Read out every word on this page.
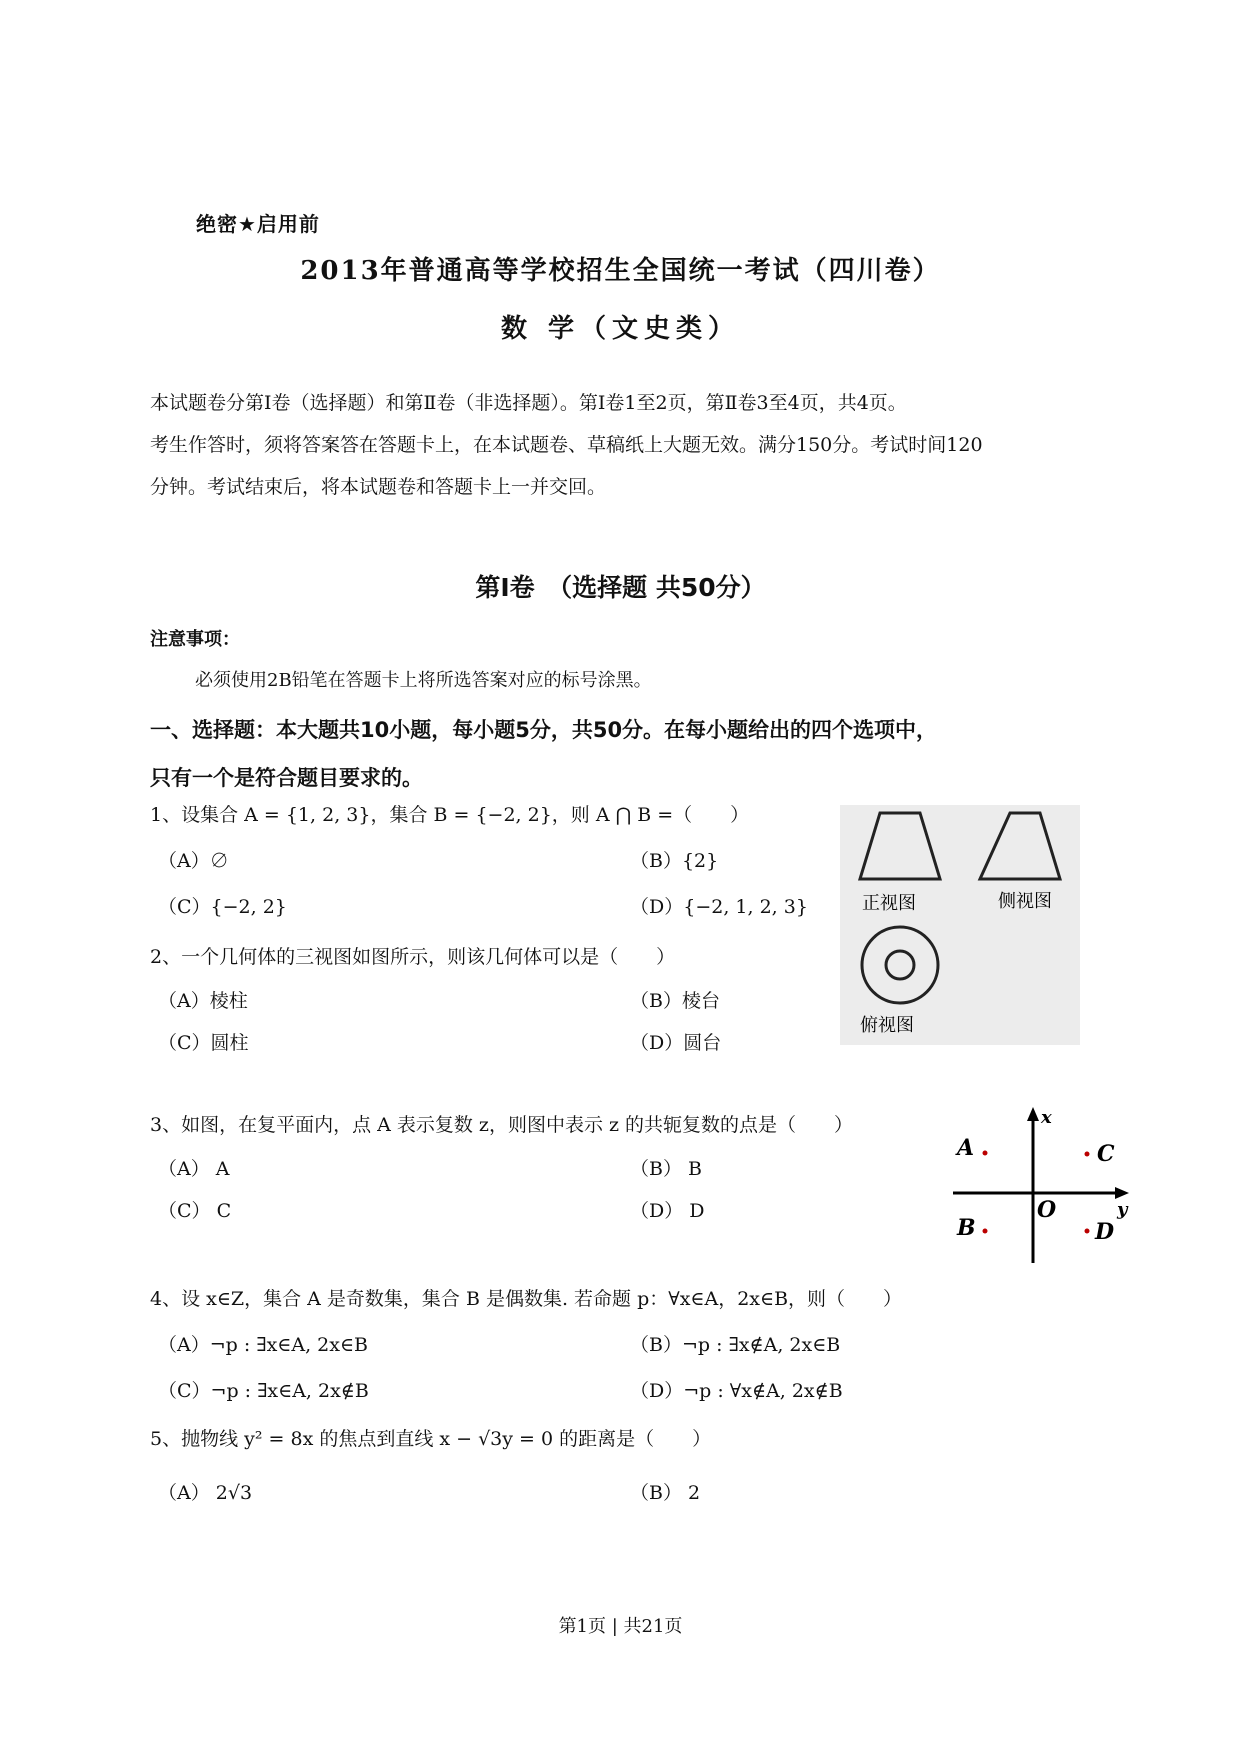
绝密★启用前
2013年普通高等学校招生全国统一考试（四川卷）
数 学（文史类）

本试题卷分第Ⅰ卷（选择题）和第Ⅱ卷（非选择题）。第Ⅰ卷1至2页，第Ⅱ卷3至4页，共4页。

考生作答时，须将答案答在答题卡上，在本试题卷、草稿纸上大题无效。满分150分。考试时间120

分钟。考试结束后，将本试题卷和答题卡上一并交回。

第Ⅰ卷　（选择题 共50分）
注意事项：
必须使用2B铅笔在答题卡上将所选答案对应的标号涂黑。

一、选择题：本大题共10小题，每小题5分，共50分。在每小题给出的四个选项中，

只有一个是符合题目要求的。

1、设集合 A = {1, 2, 3}，集合 B = {−2, 2}，则 A ⋂ B =（　　）
（A）∅	（B）{2}
（C）{−2, 2}	（D）{−2, 1, 2, 3}	正视图	侧视图
俯视图
2、一个几何体的三视图如图所示，则该几何体可以是（　　）
（A）棱柱	（B）棱台
（C）圆柱	（D）圆台
3、如图，在复平面内，点 A 表示复数 z，则图中表示 z 的共轭复数的点是（　　）
（A） A	（B） B
（C） C	（D） D
x
y
O
A	C
B	D
4、设 x∈Z，集合 A 是奇数集，集合 B 是偶数集. 若命题 p：∀x∈A，2x∈B，则（　　）
（A）¬p : ∃x∈A, 2x∈B	（B）¬p : ∃x∉A, 2x∈B
（C）¬p : ∃x∈A, 2x∉B	（D）¬p : ∀x∉A, 2x∉B
5、抛物线 y² = 8x 的焦点到直线 x − √3y = 0 的距离是（　　）
（A） 2√3	（B） 2
第1页 | 共21页
